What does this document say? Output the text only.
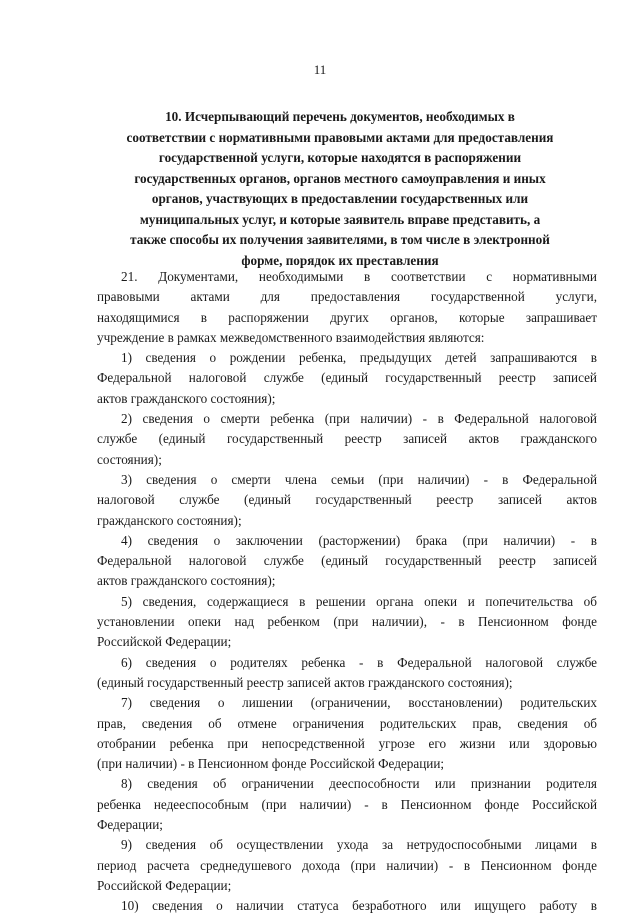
11
10. Исчерпывающий перечень документов, необходимых в
соответствии с нормативными правовыми актами для предоставления
государственной услуги, которые находятся в распоряжении
государственных органов, органов местного самоуправления и иных
органов, участвующих в предоставлении государственных или
муниципальных услуг, и которые заявитель вправе представить, а
также способы их получения заявителями, в том числе в электронной
форме, порядок их преставления
21. Документами, необходимыми в соответствии с нормативными
правовыми актами для предоставления государственной услуги,
находящимися в распоряжении других органов, которые запрашивает
учреждение в рамках межведомственного взаимодействия являются:
1) сведения о рождении ребенка, предыдущих детей запрашиваются в
Федеральной налоговой службе (единый государственный реестр записей
актов гражданского состояния);
2) сведения о смерти ребенка (при наличии) - в Федеральной налоговой
службе (единый государственный реестр записей актов гражданского
состояния);
3) сведения о смерти члена семьи (при наличии) - в Федеральной
налоговой службе (единый государственный реестр записей актов
гражданского состояния);
4) сведения о заключении (расторжении) брака (при наличии) - в
Федеральной налоговой службе (единый государственный реестр записей
актов гражданского состояния);
5) сведения, содержащиеся в решении органа опеки и попечительства об
установлении опеки над ребенком (при наличии), - в Пенсионном фонде
Российской Федерации;
6) сведения о родителях ребенка - в Федеральной налоговой службе
(единый государственный реестр записей актов гражданского состояния);
7) сведения о лишении (ограничении, восстановлении) родительских
прав, сведения об отмене ограничения родительских прав, сведения об
отобрании ребенка при непосредственной угрозе его жизни или здоровью
(при наличии) - в Пенсионном фонде Российской Федерации;
8) сведения об ограничении дееспособности или признании родителя
ребенка недееспособным (при наличии) - в Пенсионном фонде Российской
Федерации;
9) сведения об осуществлении ухода за нетрудоспособными лицами в
период расчета среднедушевого дохода (при наличии) - в Пенсионном фонде
Российской Федерации;
10) сведения о наличии статуса безработного или ищущего работу в
